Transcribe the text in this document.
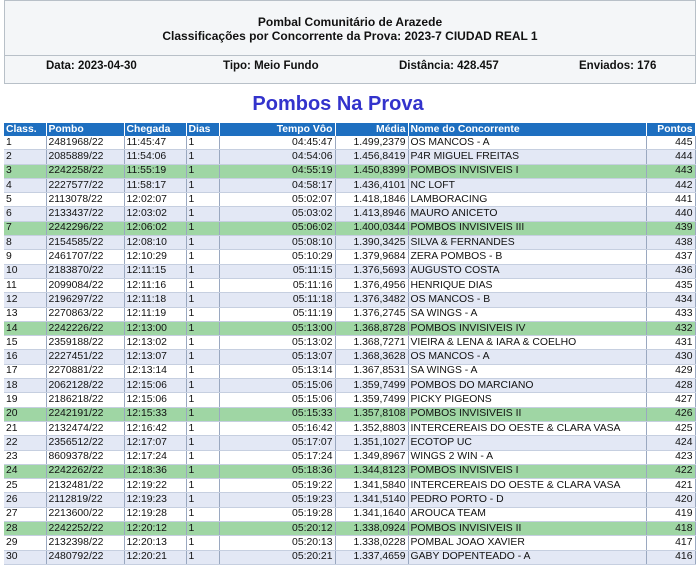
Pombal Comunitário de Arazede
Classificações por Concorrente da Prova: 2023-7 CIUDAD REAL 1
Data: 2023-04-30	Tipo: Meio Fundo	Distância: 428.457	Enviados: 176
Pombos Na Prova
Class.	Pombo	Chegada	Dias	Tempo Vôo	Média	Nome do Concorrente	Pontos
1	2481968/22	11:45:47	1	04:45:47	1.499,2379	OS MANCOS - A	445
2	2085889/22	11:54:06	1	04:54:06	1.456,8419	P4R MIGUEL FREITAS	444
3	2242258/22	11:55:19	1	04:55:19	1.450,8399	POMBOS INVISIVEIS I	443
4	2227577/22	11:58:17	1	04:58:17	1.436,4101	NC LOFT	442
5	2113078/22	12:02:07	1	05:02:07	1.418,1846	LAMBORACING	441
6	2133437/22	12:03:02	1	05:03:02	1.413,8946	MAURO ANICETO	440
7	2242296/22	12:06:02	1	05:06:02	1.400,0344	POMBOS INVISIVEIS III	439
8	2154585/22	12:08:10	1	05:08:10	1.390,3425	SILVA & FERNANDES	438
9	2461707/22	12:10:29	1	05:10:29	1.379,9684	ZERA POMBOS - B	437
10	2183870/22	12:11:15	1	05:11:15	1.376,5693	AUGUSTO COSTA	436
11	2099084/22	12:11:16	1	05:11:16	1.376,4956	HENRIQUE DIAS	435
12	2196297/22	12:11:18	1	05:11:18	1.376,3482	OS MANCOS - B	434
13	2270863/22	12:11:19	1	05:11:19	1.376,2745	SA WINGS - A	433
14	2242226/22	12:13:00	1	05:13:00	1.368,8728	POMBOS INVISIVEIS IV	432
15	2359188/22	12:13:02	1	05:13:02	1.368,7271	VIEIRA & LENA & IARA & COELHO	431
16	2227451/22	12:13:07	1	05:13:07	1.368,3628	OS MANCOS - A	430
17	2270881/22	12:13:14	1	05:13:14	1.367,8531	SA WINGS - A	429
18	2062128/22	12:15:06	1	05:15:06	1.359,7499	POMBOS DO MARCIANO	428
19	2186218/22	12:15:06	1	05:15:06	1.359,7499	PICKY PIGEONS	427
20	2242191/22	12:15:33	1	05:15:33	1.357,8108	POMBOS INVISIVEIS II	426
21	2132474/22	12:16:42	1	05:16:42	1.352,8803	INTERCEREAIS DO OESTE & CLARA VASA	425
22	2356512/22	12:17:07	1	05:17:07	1.351,1027	ECOTOP UC	424
23	8609378/22	12:17:24	1	05:17:24	1.349,8967	WINGS 2 WIN - A	423
24	2242262/22	12:18:36	1	05:18:36	1.344,8123	POMBOS INVISIVEIS I	422
25	2132481/22	12:19:22	1	05:19:22	1.341,5840	INTERCEREAIS DO OESTE & CLARA VASA	421
26	2112819/22	12:19:23	1	05:19:23	1.341,5140	PEDRO PORTO - D	420
27	2213600/22	12:19:28	1	05:19:28	1.341,1640	AROUCA TEAM	419
28	2242252/22	12:20:12	1	05:20:12	1.338,0924	POMBOS INVISIVEIS II	418
29	2132398/22	12:20:13	1	05:20:13	1.338,0228	POMBAL JOAO XAVIER	417
30	2480792/22	12:20:21	1	05:20:21	1.337,4659	GABY DOPENTEADO - A	416
